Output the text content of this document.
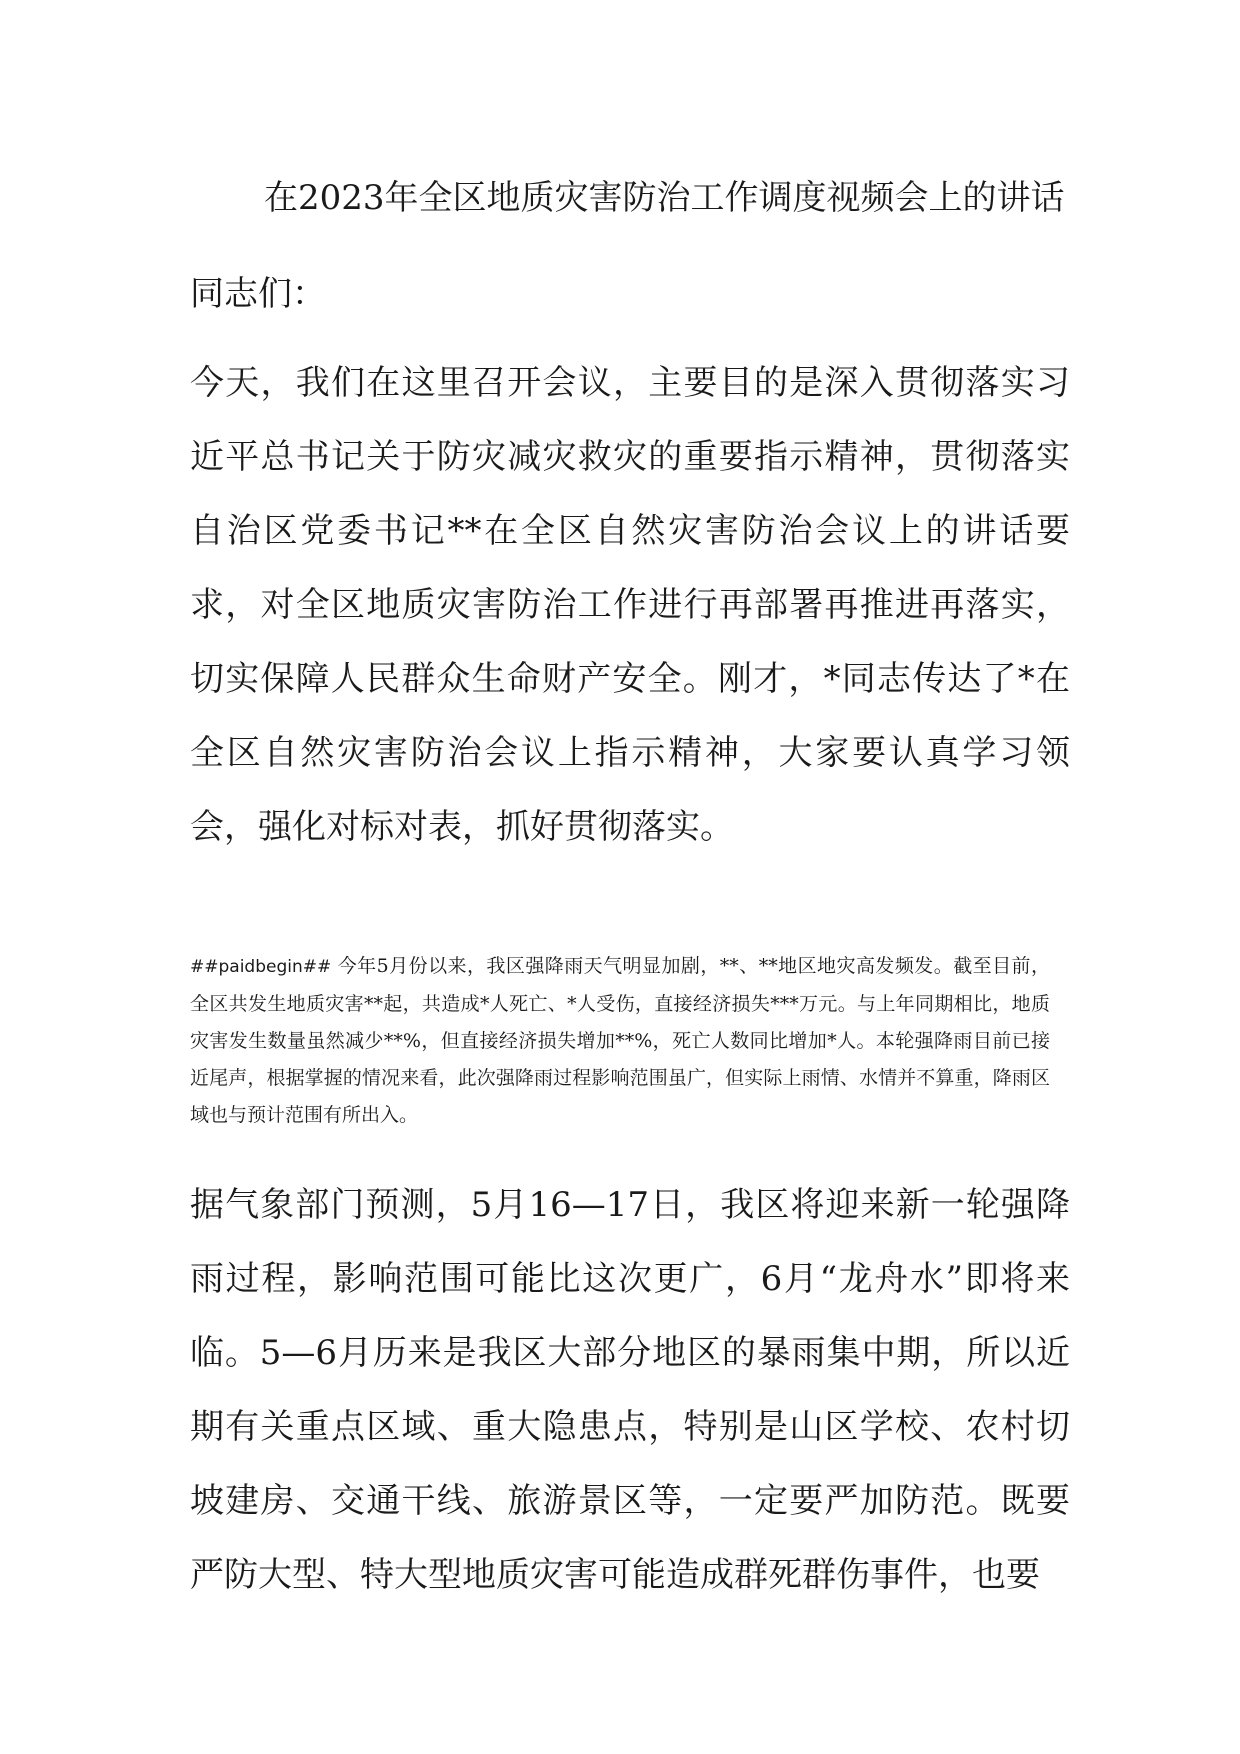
在2023年全区地质灾害防治工作调度视频会上的讲话

同志们：

今天，我们在这里召开会议，主要目的是深入贯彻落实习近平总书记关于防灾减灾救灾的重要指示精神，贯彻落实自治区党委书记**在全区自然灾害防治会议上的讲话要求，对全区地质灾害防治工作进行再部署再推进再落实，切实保障人民群众生命财产安全。刚才，*同志传达了*在全区自然灾害防治会议上指示精神，大家要认真学习领会，强化对标对表，抓好贯彻落实。

##paidbegin## 今年5月份以来，我区强降雨天气明显加剧，**、**地区地灾高发频发。截至目前，全区共发生地质灾害**起，共造成*人死亡、*人受伤，直接经济损失***万元。与上年同期相比，地质灾害发生数量虽然减少**%，但直接经济损失增加**%，死亡人数同比增加*人。本轮强降雨目前已接近尾声，根据掌握的情况来看，此次强降雨过程影响范围虽广，但实际上雨情、水情并不算重，降雨区域也与预计范围有所出入。

据气象部门预测，5月16—17日，我区将迎来新一轮强降雨过程，影响范围可能比这次更广，6月“龙舟水”即将来临。5—6月历来是我区大部分地区的暴雨集中期，所以近期有关重点区域、重大隐患点，特别是山区学校、农村切坡建房、交通干线、旅游景区等，一定要严加防范。既要严防大型、特大型地质灾害可能造成群死群伤事件，也要
